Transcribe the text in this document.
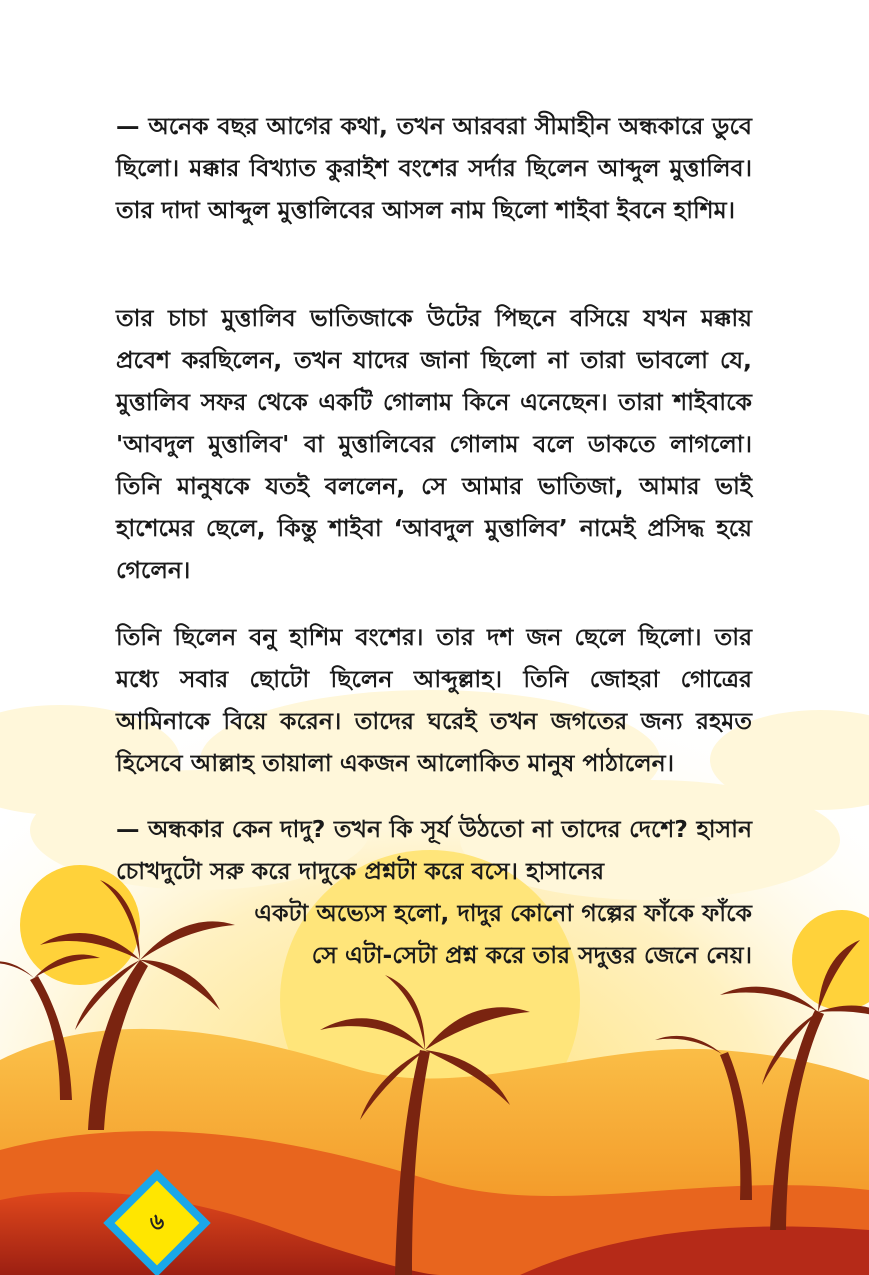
— অনেক বছর আগের কথা, তখন আরবরা সীমাহীন অন্ধকারে ডুবে ছিলো। মক্কার বিখ্যাত কুরাইশ বংশের সর্দার ছিলেন আব্দুল মুত্তালিব। তার দাদা আব্দুল মুত্তালিবের আসল নাম ছিলো শাইবা ইবনে হাশিম।

তার চাচা মুত্তালিব ভাতিজাকে উটের পিছনে বসিয়ে যখন মক্কায় প্রবেশ করছিলেন, তখন যাদের জানা ছিলো না তারা ভাবলো যে, মুত্তালিব সফর থেকে একটি গোলাম কিনে এনেছেন। তারা শাইবাকে 'আবদুল মুত্তালিব' বা মুত্তালিবের গোলাম বলে ডাকতে লাগলো। তিনি মানুষকে যতই বললেন, সে আমার ভাতিজা, আমার ভাই হাশেমের ছেলে, কিন্তু শাইবা ‘আবদুল মুত্তালিব’ নামেই প্রসিদ্ধ হয়ে গেলেন।

তিনি ছিলেন বনু হাশিম বংশের। তার দশ জন ছেলে ছিলো। তার মধ্যে সবার ছোটো ছিলেন আব্দুল্লাহ। তিনি জোহরা গোত্রের আমিনাকে বিয়ে করেন। তাদের ঘরেই তখন জগতের জন্য রহমত হিসেবে আল্লাহ তায়ালা একজন আলোকিত মানুষ পাঠালেন।

— অন্ধকার কেন দাদু? তখন কি সূর্য উঠতো না তাদের দেশে? হাসান চোখদুটো সরু করে দাদুকে প্রশ্নটা করে বসে। হাসানের

একটা অভ্যেস হলো, দাদুর কোনো গল্পের ফাঁকে ফাঁকে

সে এটা-সেটা প্রশ্ন করে তার সদুত্তর জেনে নেয়।

৬
